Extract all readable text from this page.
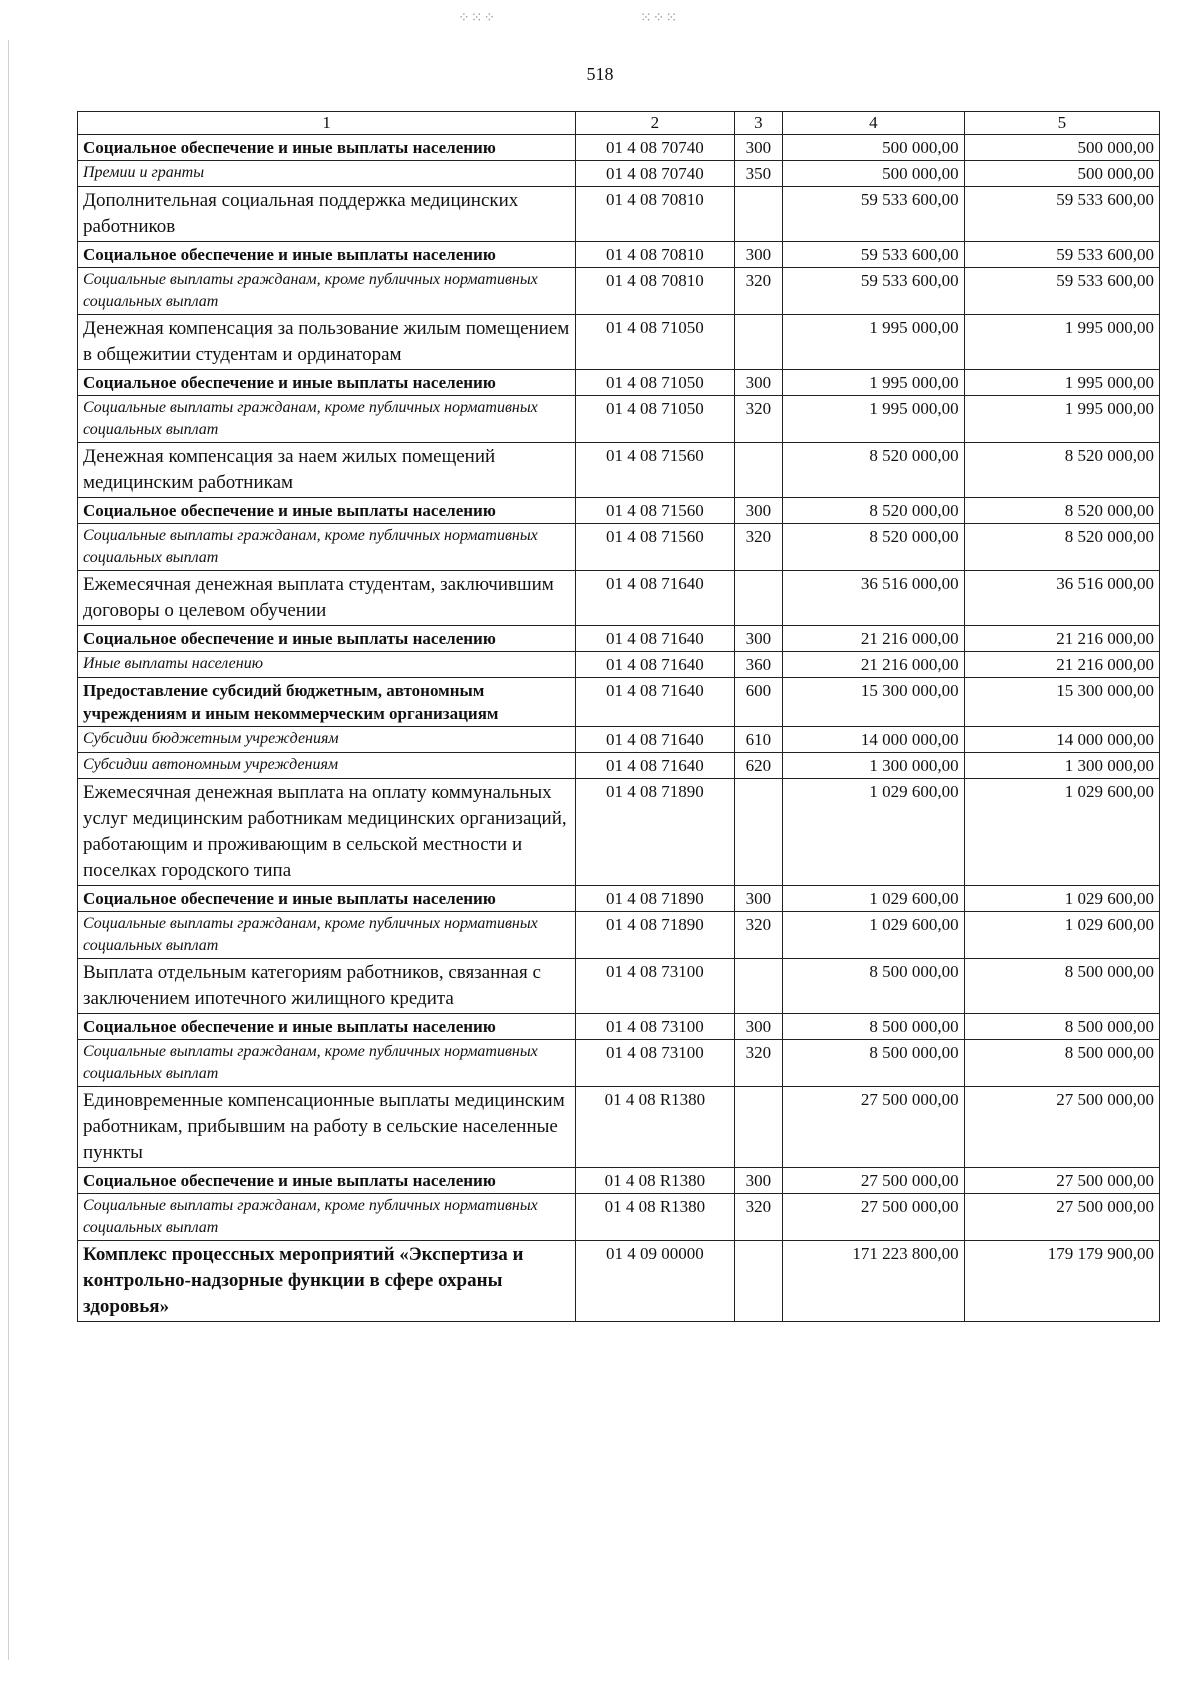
⁘⁙⁘	⁙⁘⁙
518
1	2	3	4	5
Социальное обеспечение и иные выплаты населению	01 4 08 70740	300	500 000,00	500 000,00
Премии и гранты	01 4 08 70740	350	500 000,00	500 000,00
Дополнительная социальная поддержка медицинских работников	01 4 08 70810		59 533 600,00	59 533 600,00
Социальное обеспечение и иные выплаты населению	01 4 08 70810	300	59 533 600,00	59 533 600,00
Социальные выплаты гражданам, кроме публичных нормативных социальных выплат	01 4 08 70810	320	59 533 600,00	59 533 600,00
Денежная компенсация за пользование жилым помещением в общежитии студентам и ординаторам	01 4 08 71050		1 995 000,00	1 995 000,00
Социальное обеспечение и иные выплаты населению	01 4 08 71050	300	1 995 000,00	1 995 000,00
Социальные выплаты гражданам, кроме публичных нормативных социальных выплат	01 4 08 71050	320	1 995 000,00	1 995 000,00
Денежная компенсация за наем жилых помещений медицинским работникам	01 4 08 71560		8 520 000,00	8 520 000,00
Социальное обеспечение и иные выплаты населению	01 4 08 71560	300	8 520 000,00	8 520 000,00
Социальные выплаты гражданам, кроме публичных нормативных социальных выплат	01 4 08 71560	320	8 520 000,00	8 520 000,00
Ежемесячная денежная выплата студентам, заключившим договоры о целевом обучении	01 4 08 71640		36 516 000,00	36 516 000,00
Социальное обеспечение и иные выплаты населению	01 4 08 71640	300	21 216 000,00	21 216 000,00
Иные выплаты населению	01 4 08 71640	360	21 216 000,00	21 216 000,00
Предоставление субсидий бюджетным, автономным учреждениям и иным некоммерческим организациям	01 4 08 71640	600	15 300 000,00	15 300 000,00
Субсидии бюджетным учреждениям	01 4 08 71640	610	14 000 000,00	14 000 000,00
Субсидии автономным учреждениям	01 4 08 71640	620	1 300 000,00	1 300 000,00
Ежемесячная денежная выплата на оплату коммунальных услуг медицинским работникам медицинских организаций, работающим и проживающим в сельской местности и поселках городского типа	01 4 08 71890		1 029 600,00	1 029 600,00
Социальное обеспечение и иные выплаты населению	01 4 08 71890	300	1 029 600,00	1 029 600,00
Социальные выплаты гражданам, кроме публичных нормативных социальных выплат	01 4 08 71890	320	1 029 600,00	1 029 600,00
Выплата отдельным категориям работников, связанная с заключением ипотечного жилищного кредита	01 4 08 73100		8 500 000,00	8 500 000,00
Социальное обеспечение и иные выплаты населению	01 4 08 73100	300	8 500 000,00	8 500 000,00
Социальные выплаты гражданам, кроме публичных нормативных социальных выплат	01 4 08 73100	320	8 500 000,00	8 500 000,00
Единовременные компенсационные выплаты медицинским работникам, прибывшим на работу в сельские населенные пункты	01 4 08 R1380		27 500 000,00	27 500 000,00
Социальное обеспечение и иные выплаты населению	01 4 08 R1380	300	27 500 000,00	27 500 000,00
Социальные выплаты гражданам, кроме публичных нормативных социальных выплат	01 4 08 R1380	320	27 500 000,00	27 500 000,00
Комплекс процессных мероприятий «Экспертиза и контрольно-надзорные функции в сфере охраны здоровья»	01 4 09 00000		171 223 800,00	179 179 900,00
